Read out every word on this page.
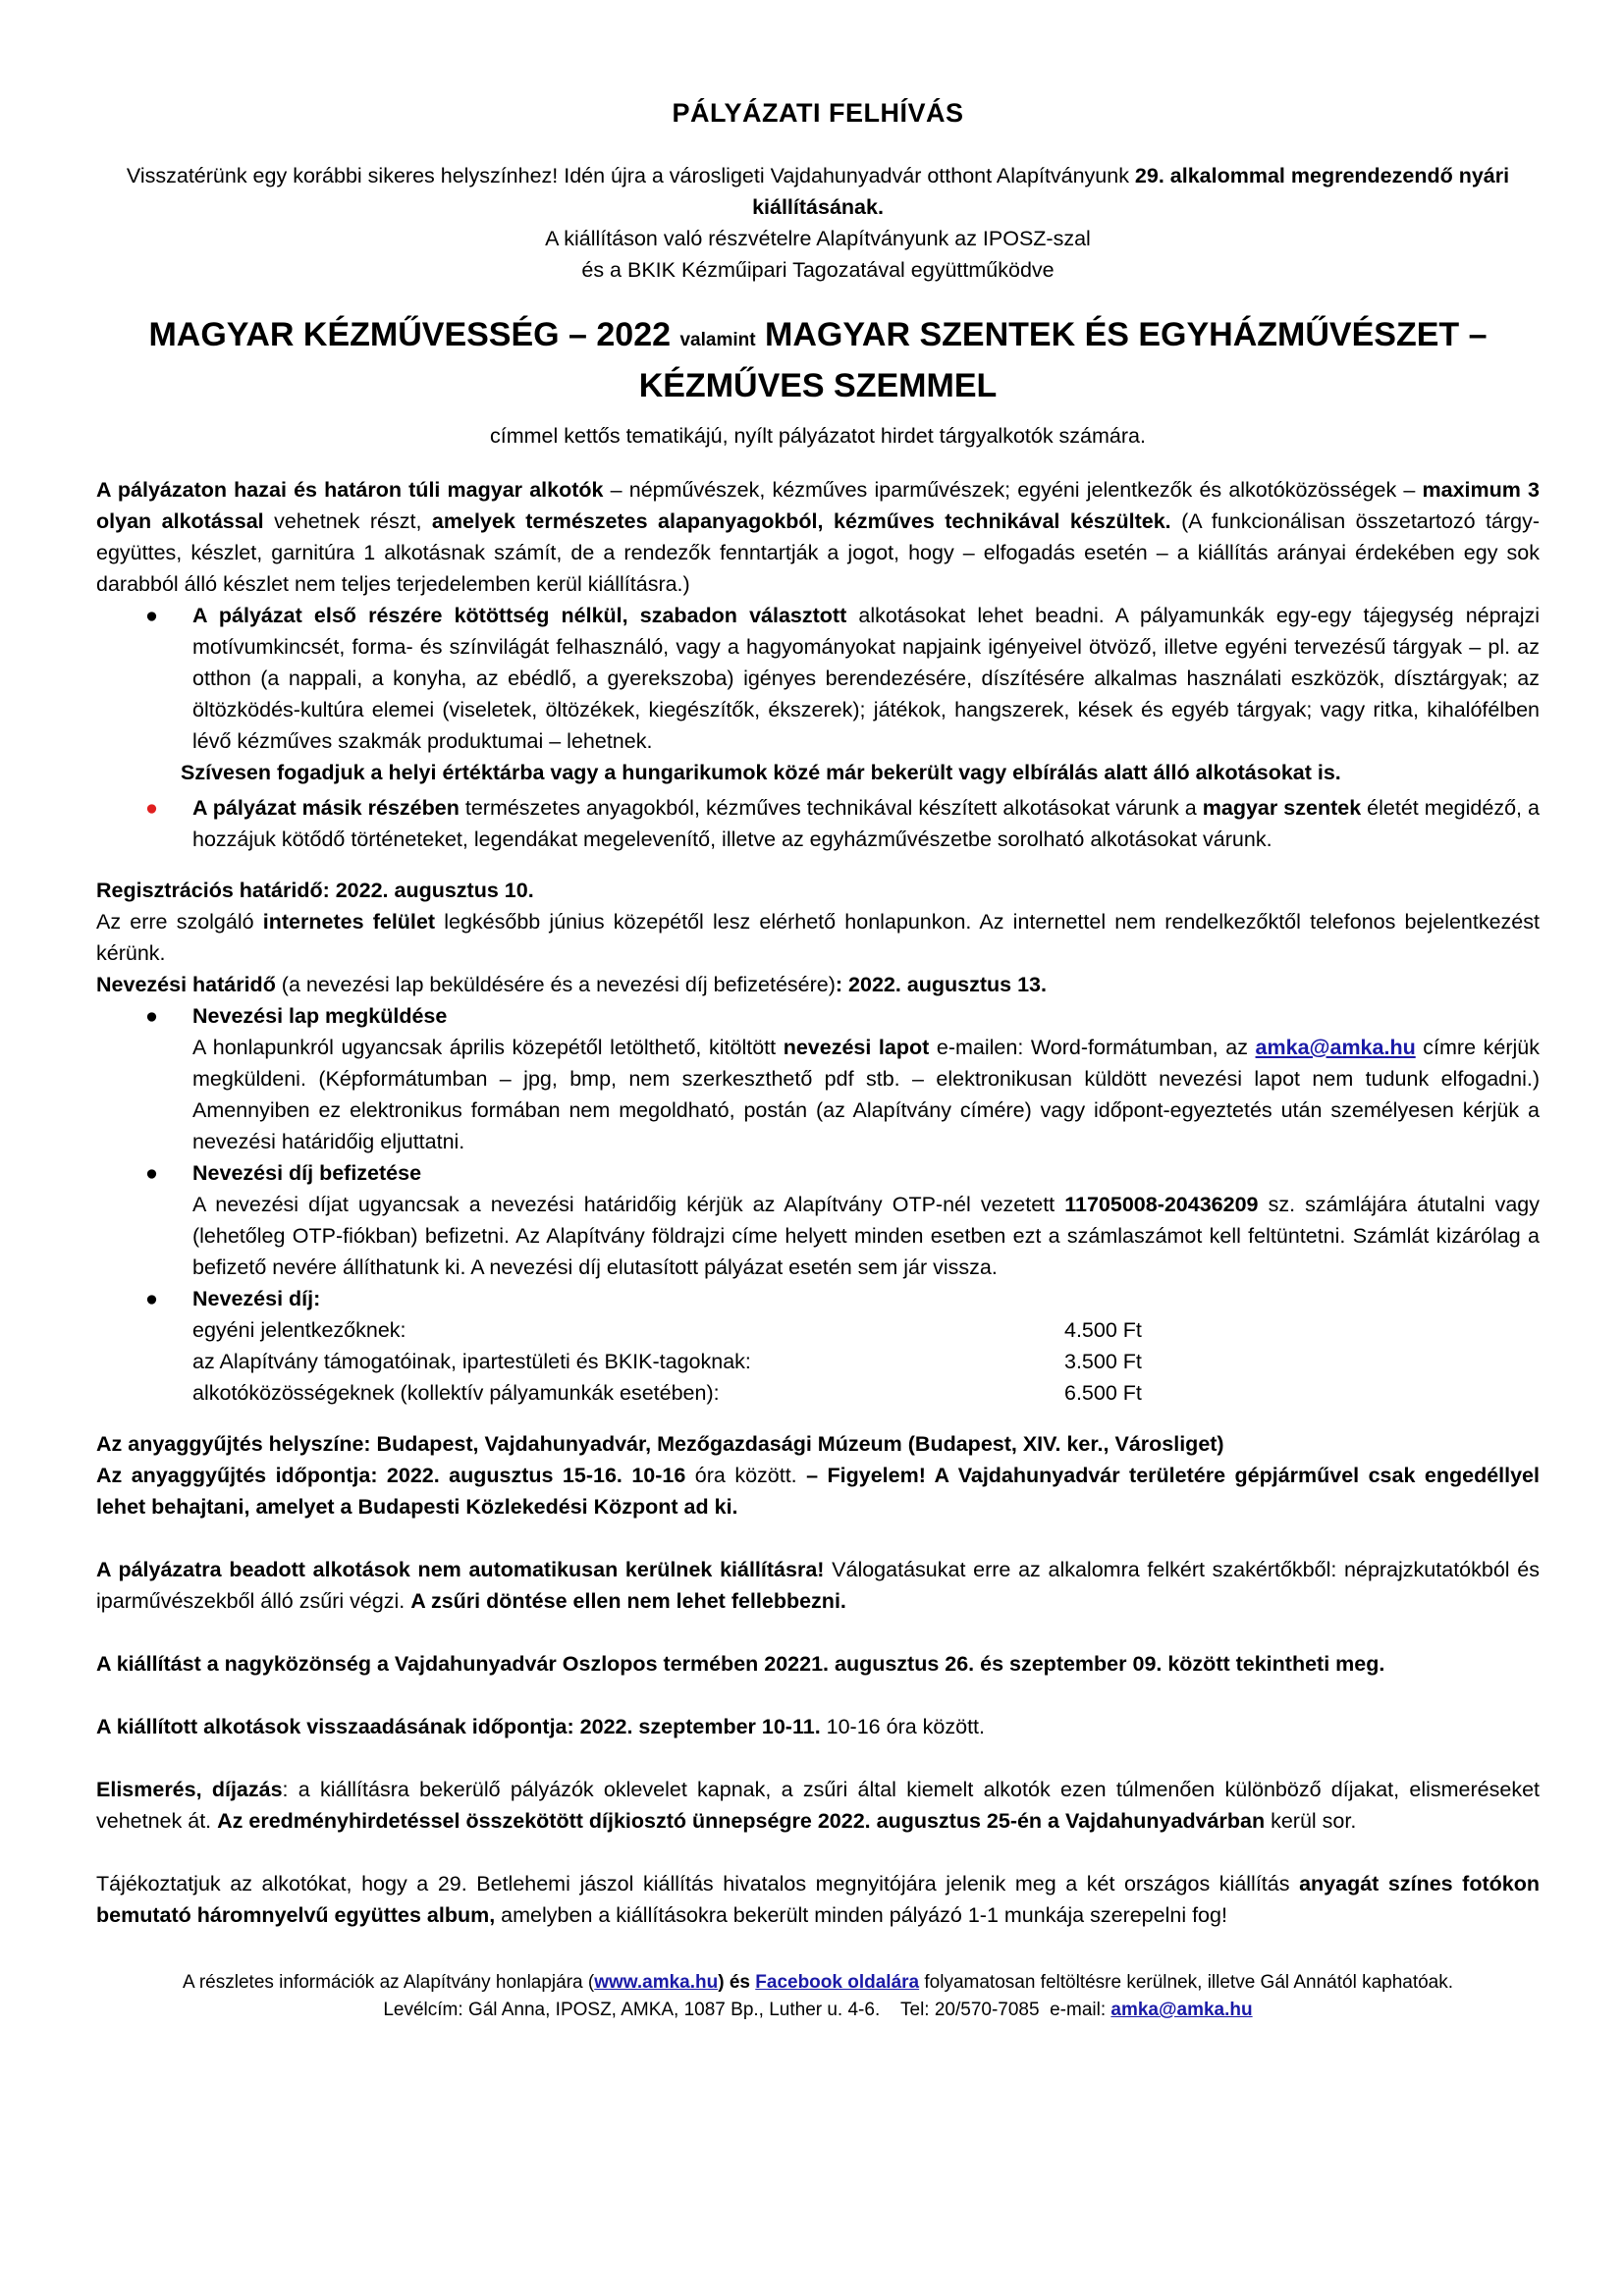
PÁLYÁZATI FELHÍVÁS
Visszatérünk egy korábbi sikeres helyszínhez! Idén újra a városligeti Vajdahunyadvár otthont Alapítványunk 29. alkalommal megrendezendő nyári kiállításának.
A kiállításon való részvételre Alapítványunk az IPOSZ-szal
és a BKIK Kézműipari Tagozatával együttműködve
MAGYAR KÉZMŰVESSÉG – 2022 valamint MAGYAR SZENTEK ÉS EGYHÁZMŰVÉSZET – KÉZMŰVES SZEMMEL
címmel kettős tematikájú, nyílt pályázatot hirdet tárgyalkotók számára.

A pályázaton hazai és határon túli magyar alkotók – népművészek, kézműves iparművészek; egyéni jelentkezők és alkotóközösségek – maximum 3 olyan alkotással vehetnek részt, amelyek természetes alapanyagokból, kézműves technikával készültek. (A funkcionálisan összetartozó tárgy-együttes, készlet, garnitúra 1 alkotásnak számít, de a rendezők fenntartják a jogot, hogy – elfogadás esetén – a kiállítás arányai érdekében egy sok darabból álló készlet nem teljes terjedelemben kerül kiállításra.)

● A pályázat első részére kötöttség nélkül, szabadon választott alkotásokat lehet beadni. A pályamunkák egy-egy tájegység néprajzi motívumkincsét, forma- és színvilágát felhasználó, vagy a hagyományokat napjaink igényeivel ötvöző, illetve egyéni tervezésű tárgyak – pl. az otthon (a nappali, a konyha, az ebédlő, a gyerekszoba) igényes berendezésére, díszítésére alkalmas használati eszközök, dísztárgyak; az öltözködés-kultúra elemei (viseletek, öltözékek, kiegészítők, ékszerek); játékok, hangszerek, kések és egyéb tárgyak; vagy ritka, kihalófélben lévő kézműves szakmák produktumai – lehetnek.

Szívesen fogadjuk a helyi értéktárba vagy a hungarikumok közé már bekerült vagy elbírálás alatt álló alkotásokat is.

● A pályázat másik részében természetes anyagokból, kézműves technikával készített alkotásokat várunk a magyar szentek életét megidéző, a hozzájuk kötődő történeteket, legendákat megelevenítő, illetve az egyházművészetbe sorolható alkotásokat várunk.

Regisztrációs határidő: 2022. augusztus 10.

Az erre szolgáló internetes felület legkésőbb június közepétől lesz elérhető honlapunkon. Az internettel nem rendelkezőktől telefonos bejelentkezést kérünk.

Nevezési határidő (a nevezési lap beküldésére és a nevezési díj befizetésére): 2022. augusztus 13.

● Nevezési lap megküldése
A honlapunkról ugyancsak április közepétől letölthető, kitöltött nevezési lapot e-mailen: Word-formátumban, az amka@amka.hu címre kérjük megküldeni. (Képformátumban – jpg, bmp, nem szerkeszthető pdf stb. – elektronikusan küldött nevezési lapot nem tudunk elfogadni.) Amennyiben ez elektronikus formában nem megoldható, postán (az Alapítvány címére) vagy időpont-egyeztetés után személyesen kérjük a nevezési határidőig eljuttatni.
● Nevezési díj befizetése
A nevezési díjat ugyancsak a nevezési határidőig kérjük az Alapítvány OTP-nél vezetett 11705008-20436209 sz. számlájára átutalni vagy (lehetőleg OTP-fiókban) befizetni. Az Alapítvány földrajzi címe helyett minden esetben ezt a számlaszámot kell feltüntetni. Számlát kizárólag a befizető nevére állíthatunk ki. A nevezési díj elutasított pályázat esetén sem jár vissza.
● Nevezési díj:
egyéni jelentkezőknek:	4.500 Ft
az Alapítvány támogatóinak, ipartestületi és BKIK-tagoknak:	3.500 Ft
alkotóközösségeknek (kollektív pályamunkák esetében):	6.500 Ft

Az anyaggyűjtés helyszíne: Budapest, Vajdahunyadvár, Mezőgazdasági Múzeum (Budapest, XIV. ker., Városliget)

Az anyaggyűjtés időpontja: 2022. augusztus 15-16. 10-16 óra között. – Figyelem! A Vajdahunyadvár területére gépjárművel csak engedéllyel lehet behajtani, amelyet a Budapesti Közlekedési Központ ad ki.

A pályázatra beadott alkotások nem automatikusan kerülnek kiállításra! Válogatásukat erre az alkalomra felkért szakértőkből: néprajzkutatókból és iparművészekből álló zsűri végzi. A zsűri döntése ellen nem lehet fellebbezni.

A kiállítást a nagyközönség a Vajdahunyadvár Oszlopos termében 20221. augusztus 26. és szeptember 09. között tekintheti meg.

A kiállított alkotások visszaadásának időpontja: 2022. szeptember 10-11. 10-16 óra között.

Elismerés, díjazás: a kiállításra bekerülő pályázók oklevelet kapnak, a zsűri által kiemelt alkotók ezen túlmenően különböző díjakat, elismeréseket vehetnek át. Az eredményhirdetéssel összekötött díjkiosztó ünnepségre 2022. augusztus 25-én a Vajdahunyadvárban kerül sor.

Tájékoztatjuk az alkotókat, hogy a 29. Betlehemi jászol kiállítás hivatalos megnyitójára jelenik meg a két országos kiállítás anyagát színes fotókon bemutató háromnyelvű együttes album, amelyben a kiállításokra bekerült minden pályázó 1-1 munkája szerepelni fog!

A részletes információk az Alapítvány honlapjára (www.amka.hu) és Facebook oldalára folyamatosan feltöltésre kerülnek, illetve Gál Annától kaphatóak.
Levélcím: Gál Anna, IPOSZ, AMKA, 1087 Bp., Luther u. 4-6.    Tel: 20/570-7085  e-mail: amka@amka.hu
